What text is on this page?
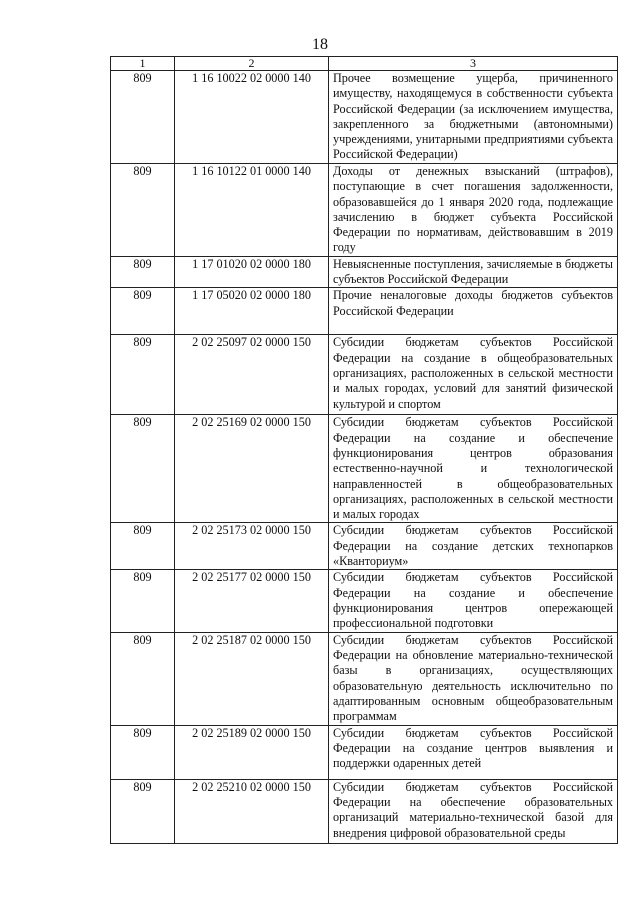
18
1	2	3
809	1 16 10022 02 0000 140	Прочее возмещение ущерба, причиненного имуществу, находящемуся в собственности субъекта Российской Федерации (за исключением имущества, закрепленного за бюджетными (автономными) учреждениями, унитарными предприятиями субъекта Российской Федерации)
809	1 16 10122 01 0000 140	Доходы от денежных взысканий (штрафов), поступающие в счет погашения задолженности, образовавшейся до 1 января 2020 года, подлежащие зачислению в бюджет субъекта Российской Федерации по нормативам, действовавшим в 2019 году
809	1 17 01020 02 0000 180	Невыясненные поступления, зачисляемые в бюджеты субъектов Российской Федерации
809	1 17 05020 02 0000 180	Прочие неналоговые доходы бюджетов субъектов Российской Федерации
809	2 02 25097 02 0000 150	Субсидии бюджетам субъектов Российской Федерации на создание в общеобразовательных организациях, расположенных в сельской местности и малых городах, условий для занятий физической культурой и спортом
809	2 02 25169 02 0000 150	Субсидии бюджетам субъектов Российской Федерации на создание и обеспечение функционирования центров образования естественно-научной и технологической направленностей в общеобразовательных организациях, расположенных в сельской местности и малых городах
809	2 02 25173 02 0000 150	Субсидии бюджетам субъектов Российской Федерации на создание детских технопарков «Кванториум»
809	2 02 25177 02 0000 150	Субсидии бюджетам субъектов Российской Федерации на создание и обеспечение функционирования центров опережающей профессиональной подготовки
809	2 02 25187 02 0000 150	Субсидии бюджетам субъектов Российской Федерации на обновление материально-технической базы в организациях, осуществляющих образовательную деятельность исключительно по адаптированным основным общеобразовательным программам
809	2 02 25189 02 0000 150	Субсидии бюджетам субъектов Российской Федерации на создание центров выявления и поддержки одаренных детей
809	2 02 25210 02 0000 150	Субсидии бюджетам субъектов Российской Федерации на обеспечение образовательных организаций материально-технической базой для внедрения цифровой образовательной среды
